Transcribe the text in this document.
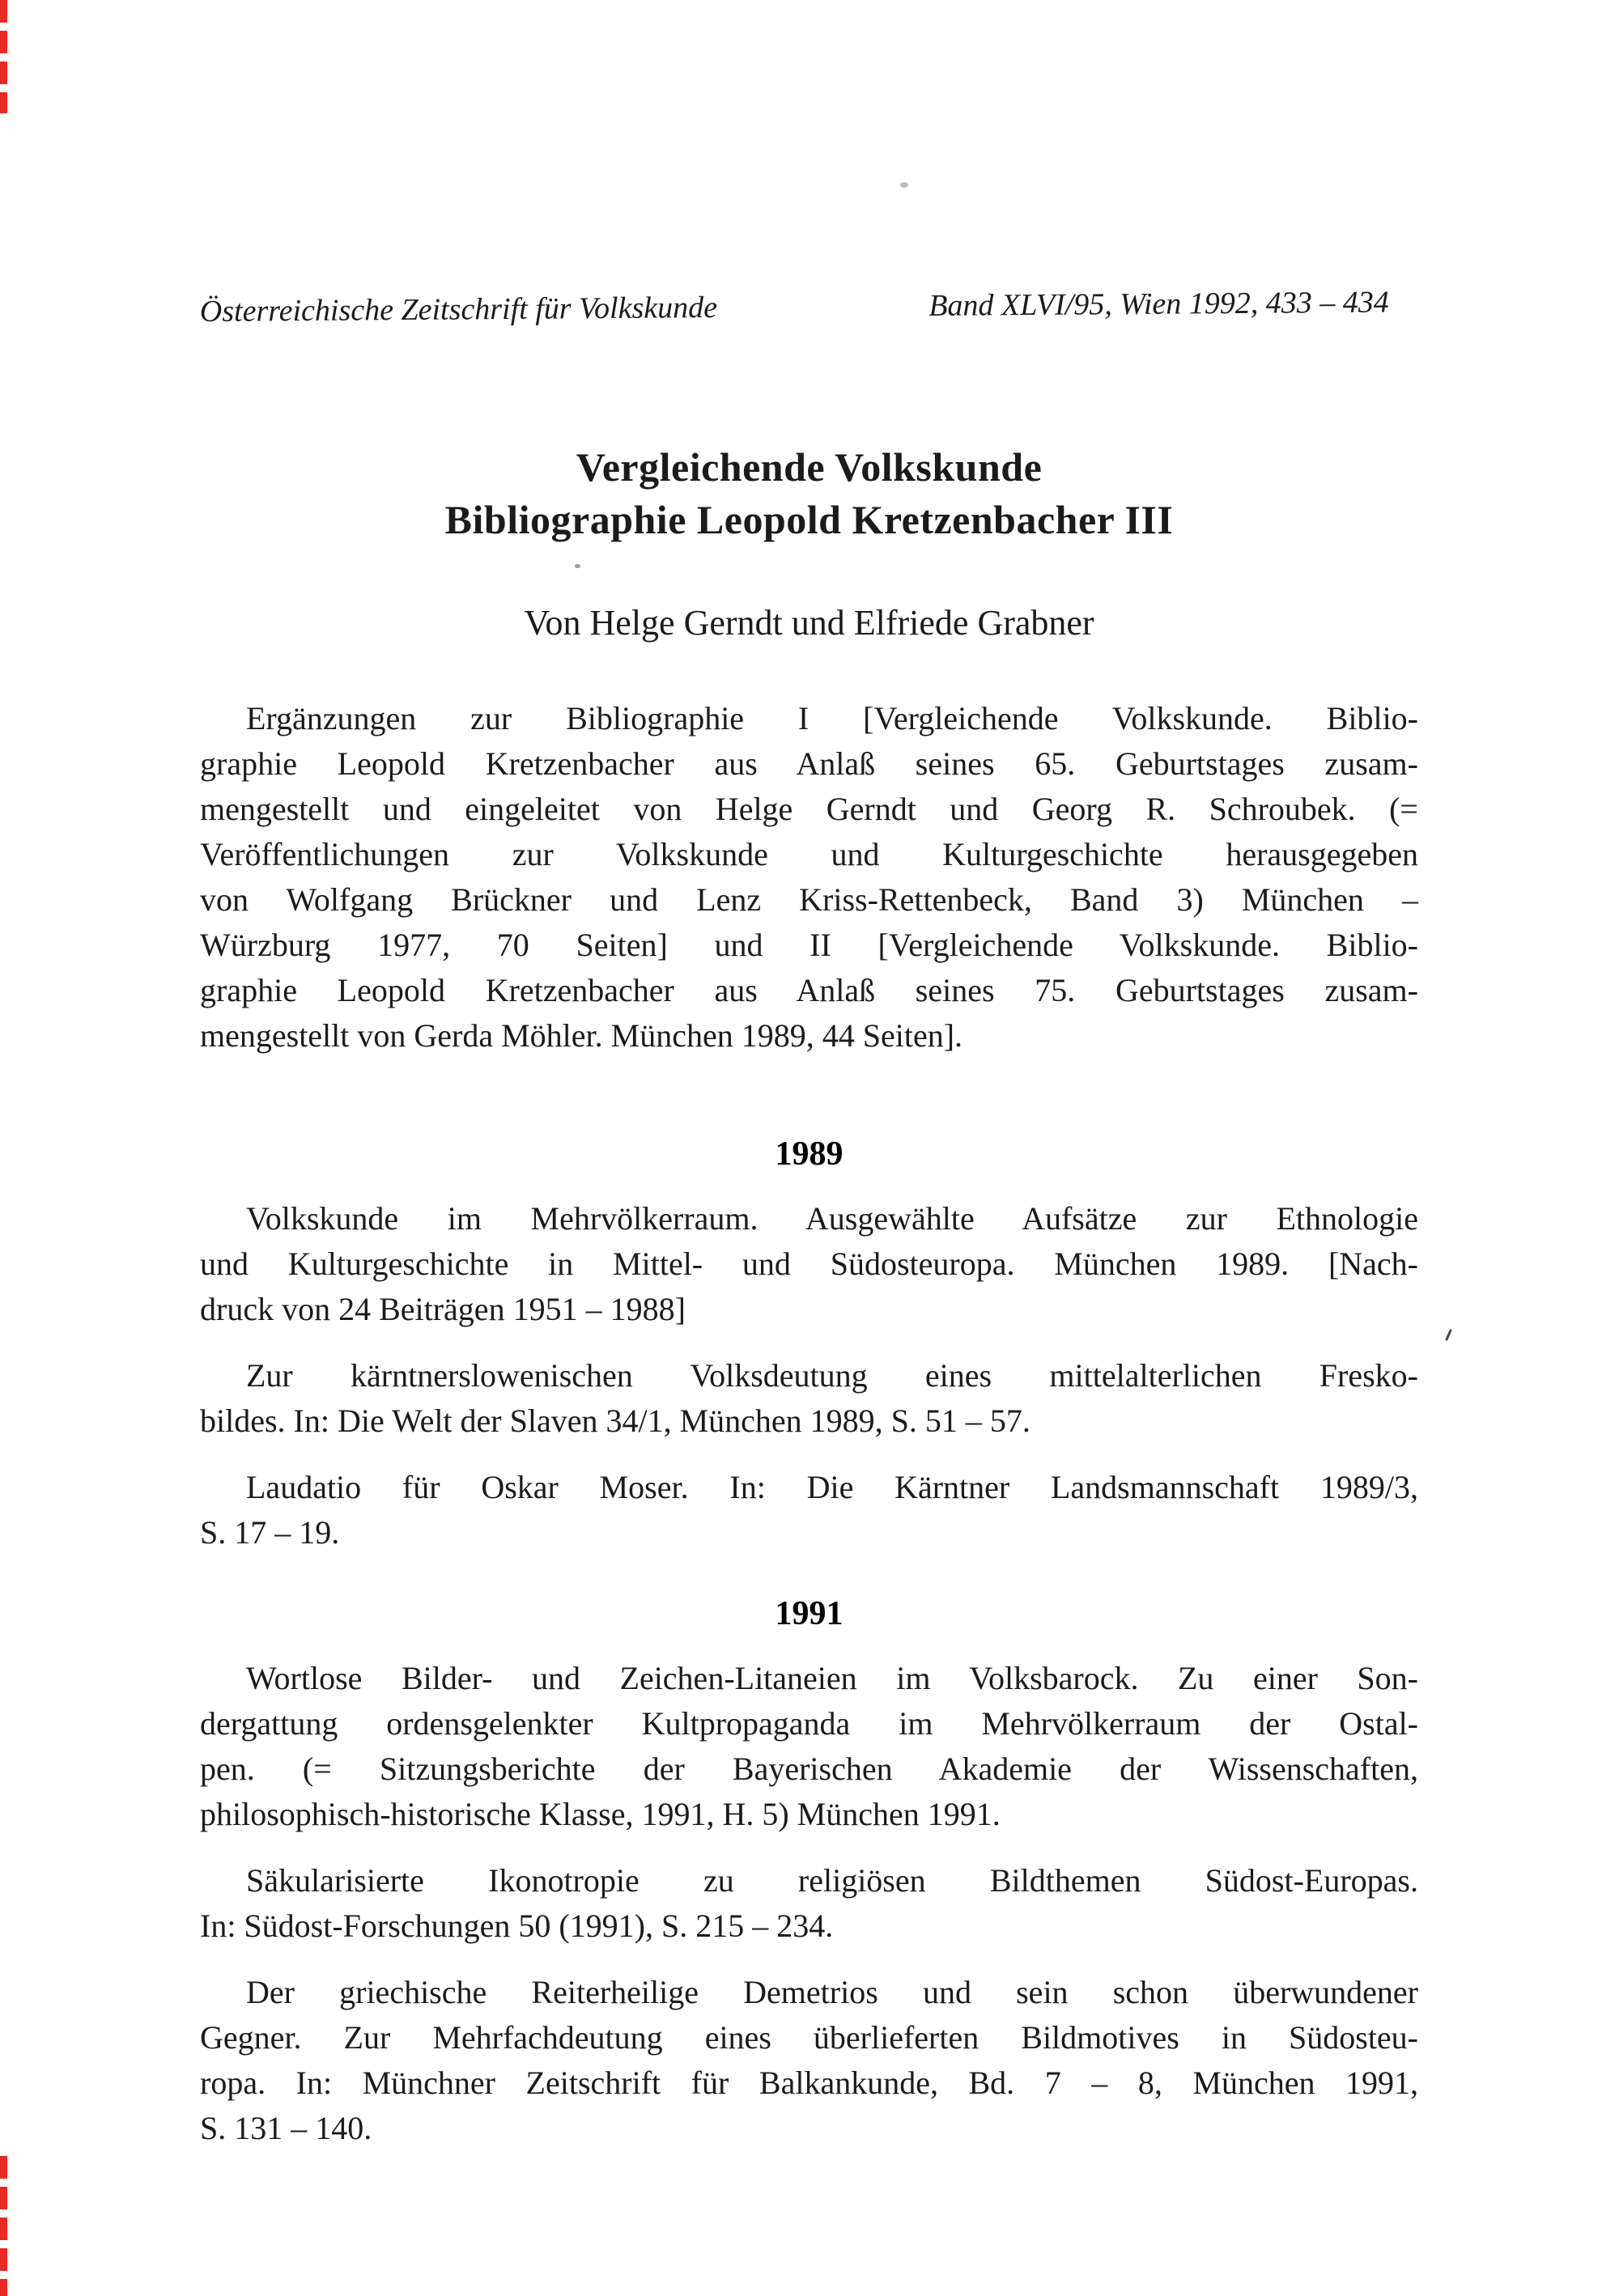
Österreichische Zeitschrift für Volkskunde	Band XLVI/95, Wien 1992, 433 – 434
Vergleichende Volkskunde
Bibliographie Leopold Kretzenbacher III
Von Helge Gerndt und Elfriede Grabner
Ergänzungen zur Bibliographie I [Vergleichende Volkskunde. Biblio-
graphie Leopold Kretzenbacher aus Anlaß seines 65. Geburtstages zusam-
mengestellt und eingeleitet von Helge Gerndt und Georg R. Schroubek. (=
Veröffentlichungen zur Volkskunde und Kulturgeschichte herausgegeben
von Wolfgang Brückner und Lenz Kriss-Rettenbeck, Band 3) München –
Würzburg 1977, 70 Seiten] und II [Vergleichende Volkskunde. Biblio-
graphie Leopold Kretzenbacher aus Anlaß seines 75. Geburtstages zusam-
mengestellt von Gerda Möhler. München 1989, 44 Seiten].
1989
Volkskunde im Mehrvölkerraum. Ausgewählte Aufsätze zur Ethnologie
und Kulturgeschichte in Mittel- und Südosteuropa. München 1989. [Nach-
druck von 24 Beiträgen 1951 – 1988]
Zur kärntnerslowenischen Volksdeutung eines mittelalterlichen Fresko-
bildes. In: Die Welt der Slaven 34/1, München 1989, S. 51 – 57.
Laudatio für Oskar Moser. In: Die Kärntner Landsmannschaft 1989/3,
S. 17 – 19.
1991
Wortlose Bilder- und Zeichen-Litaneien im Volksbarock. Zu einer Son-
dergattung ordensgelenkter Kultpropaganda im Mehrvölkerraum der Ostal-
pen. (= Sitzungsberichte der Bayerischen Akademie der Wissenschaften,
philosophisch-historische Klasse, 1991, H. 5) München 1991.
Säkularisierte Ikonotropie zu religiösen Bildthemen Südost-Europas.
In: Südost-Forschungen 50 (1991), S. 215 – 234.
Der griechische Reiterheilige Demetrios und sein schon überwundener
Gegner. Zur Mehrfachdeutung eines überlieferten Bildmotives in Südosteu-
ropa. In: Münchner Zeitschrift für Balkankunde, Bd. 7 – 8, München 1991,
S. 131 – 140.
